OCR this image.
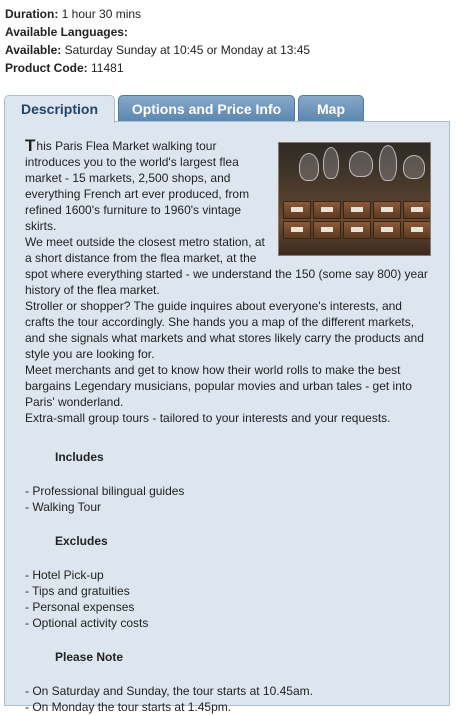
Duration: 1 hour 30 mins
Available Languages:
Available: Saturday Sunday at 10:45 or Monday at 13:45
Product Code: 11481
Description	Options and Price Info	Map

T his Paris Flea Market walking tour introduces you to the world's largest flea market - 15 markets, 2,500 shops, and everything French art ever produced, from refined 1600's furniture to 1960's vintage skirts.

We meet outside the closest metro station, at a short distance from the flea market, at the spot where everything started - we understand the 150 (some say 800) year history of the flea market.

Stroller or shopper? The guide inquires about everyone's interests, and crafts the tour accordingly. She hands you a map of the different markets, and she signals what markets and what stores likely carry the products and style you are looking for.

Meet merchants and get to know how their world rolls to make the best bargains Legendary musicians, popular movies and urban tales - get into Paris' wonderland.

Extra-small group tours - tailored to your interests and your requests.

Includes
- Professional bilingual guides
- Walking Tour
Excludes
- Hotel Pick-up
- Tips and gratuities
- Personal expenses
- Optional activity costs
Please Note
- On Saturday and Sunday, the tour starts at 10.45am.
- On Monday the tour starts at 1.45pm.
